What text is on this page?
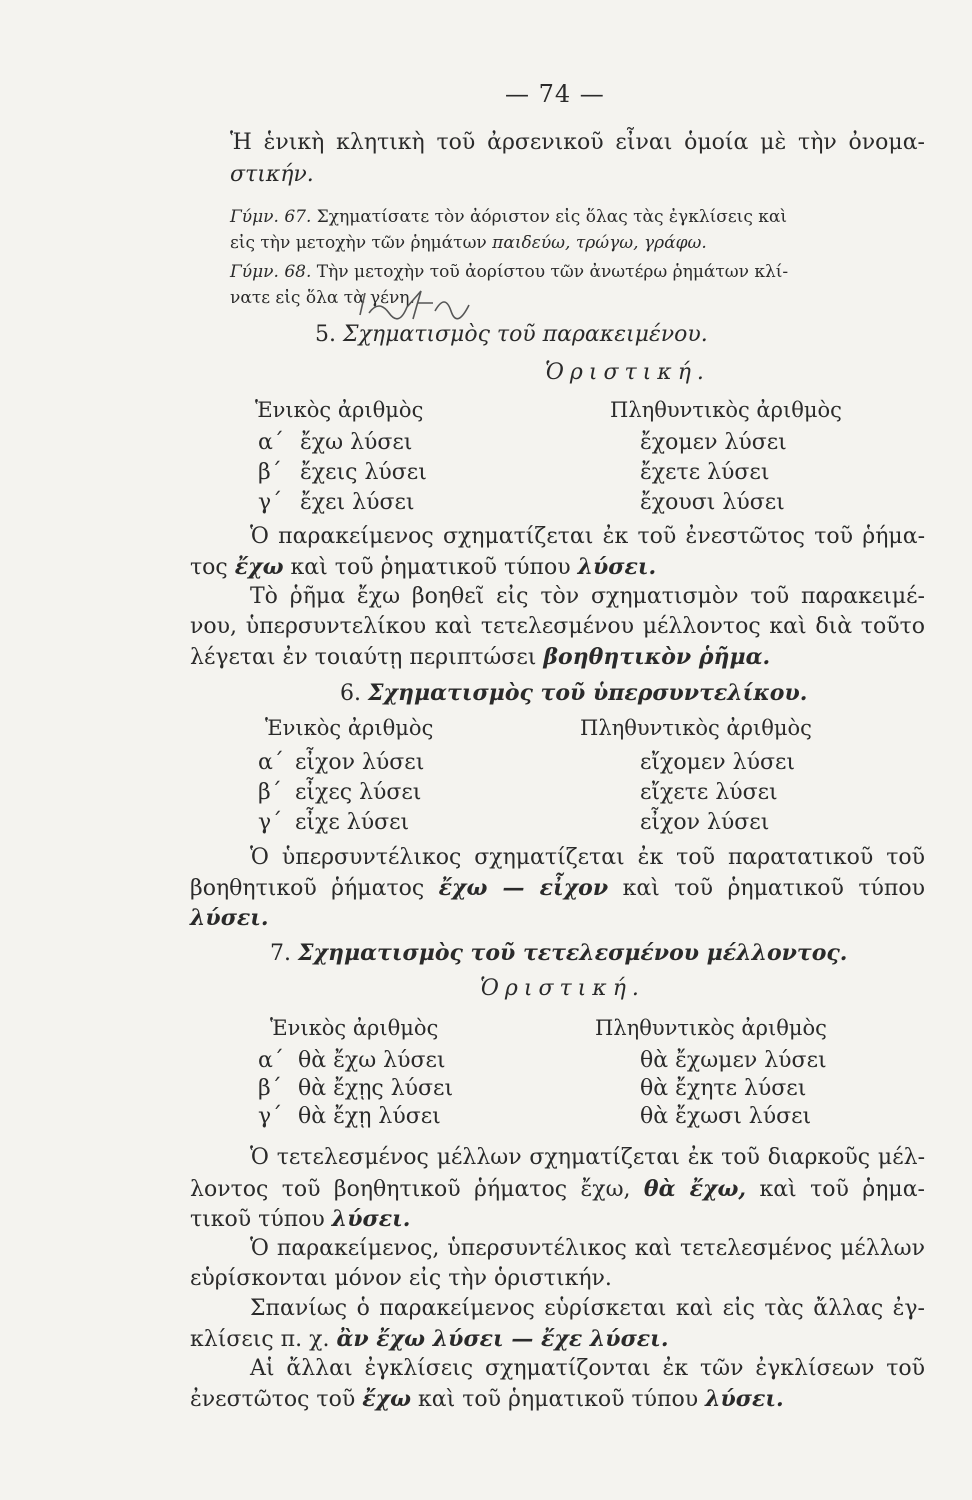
— 74 —
Ἡ ἑνικὴ κλητικὴ τοῦ ἀρσενικοῦ εἶναι ὁμοία μὲ τὴν ὀνομα-
στικήν.
Γύμν. 67. Σχηματίσατε τὸν ἀόριστον εἰς ὅλας τὰς ἐγκλίσεις καὶ
εἰς τὴν μετοχὴν τῶν ῥημάτων παιδεύω, τρώγω, γράφω.
Γύμν. 68. Τὴν μετοχὴν τοῦ ἀορίστου τῶν ἀνωτέρω ῥημάτων κλί-
νατε εἰς ὅλα τὰ γένη.
5. Σχηματισμὸς τοῦ παρακειμένου.
Ὁριστική.
Ἑνικὸς ἀριθμὸς	Πληθυντικὸς ἀριθμὸς
α΄ ἔχω λύσει	ἔχομεν λύσει
β΄ ἔχεις λύσει	ἔχετε λύσει
γ΄ ἔχει λύσει	ἔχουσι λύσει
Ὁ παρακείμενος σχηματίζεται ἐκ τοῦ ἐνεστῶτος τοῦ ῥήμα-
τος ἔχω καὶ τοῦ ῥηματικοῦ τύπου λύσει.
Τὸ ῥῆμα ἔχω βοηθεῖ εἰς τὸν σχηματισμὸν τοῦ παρακειμέ-
νου, ὑπερσυντελίκου καὶ τετελεσμένου μέλλοντος καὶ διὰ τοῦτο
λέγεται ἐν τοιαύτῃ περιπτώσει βοηθητικὸν ῥῆμα.
6. Σχηματισμὸς τοῦ ὑπερσυντελίκου.
Ἑνικὸς ἀριθμὸς	Πληθυντικὸς ἀριθμὸς
α΄ εἶχον λύσει	εἴχομεν λύσει
β΄ εἶχες λύσει	εἴχετε λύσει
γ΄ εἶχε λύσει	εἶχον λύσει
Ὁ ὑπερσυντέλικος σχηματίζεται ἐκ τοῦ παρατατικοῦ τοῦ
βοηθητικοῦ ῥήματος ἔχω — εἶχον καὶ τοῦ ῥηματικοῦ τύπου
λύσει.
7. Σχηματισμὸς τοῦ τετελεσμένου μέλλοντος.
Ὁριστική.
Ἑνικὸς ἀριθμὸς	Πληθυντικὸς ἀριθμὸς
α΄ θὰ ἔχω λύσει	θὰ ἔχωμεν λύσει
β΄ θὰ ἔχῃς λύσει	θὰ ἔχητε λύσει
γ΄ θὰ ἔχῃ λύσει	θὰ ἔχωσι λύσει
Ὁ τετελεσμένος μέλλων σχηματίζεται ἐκ τοῦ διαρκοῦς μέλ-
λοντος τοῦ βοηθητικοῦ ῥήματος ἔχω, θὰ ἔχω, καὶ τοῦ ῥημα-
τικοῦ τύπου λύσει.
Ὁ παρακείμενος, ὑπερσυντέλικος καὶ τετελεσμένος μέλλων
εὑρίσκονται μόνον εἰς τὴν ὁριστικήν.
Σπανίως ὁ παρακείμενος εὑρίσκεται καὶ εἰς τὰς ἄλλας ἐγ-
κλίσεις π. χ. ἂν ἔχω λύσει — ἔχε λύσει.
Αἱ ἄλλαι ἐγκλίσεις σχηματίζονται ἐκ τῶν ἐγκλίσεων τοῦ
ἐνεστῶτος τοῦ ἔχω καὶ τοῦ ῥηματικοῦ τύπου λύσει.
